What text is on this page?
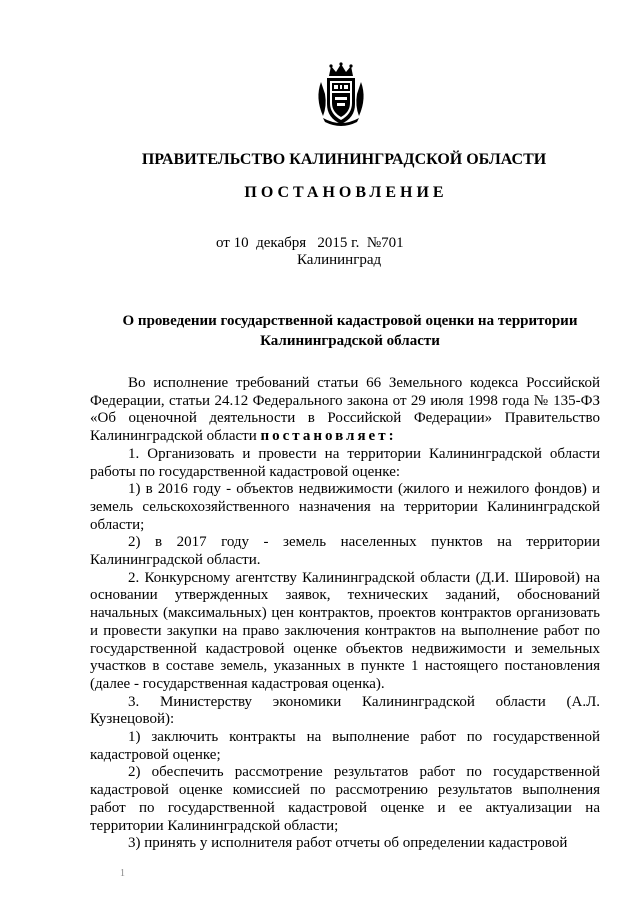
ПРАВИТЕЛЬСТВО КАЛИНИНГРАДСКОЙ ОБЛАСТИ
ПОСТАНОВЛЕНИЕ
от 10  декабря   2015 г. №701
Калининград
О проведении государственной кадастровой оценки на территории
Калининградской области

Во исполнение требований статьи 66 Земельного кодекса Российской Федерации, статьи 24.12 Федерального закона от 29 июля 1998 года № 135-ФЗ «Об оценочной деятельности в Российской Федерации» Правительство Калининградской области постановляет:

1. Организовать и провести на территории Калининградской области работы по государственной кадастровой оценке:

1) в 2016 году - объектов недвижимости (жилого и нежилого фондов) и земель сельскохозяйственного назначения на территории Калининградской области;

2) в 2017 году - земель населенных пунктов на территории Калининградской области.

2. Конкурсному агентству Калининградской области (Д.И. Шировой) на основании утвержденных заявок, технических заданий, обоснований начальных (максимальных) цен контрактов, проектов контрактов организовать и провести закупки на право заключения контрактов на выполнение работ по государственной кадастровой оценке объектов недвижимости и земельных участков в составе земель, указанных в пункте 1 настоящего постановления (далее - государственная кадастровая оценка).

3. Министерству экономики Калининградской области (А.Л. Кузнецовой):

1) заключить контракты на выполнение работ по государственной кадастровой оценке;

2) обеспечить рассмотрение результатов работ по государственной кадастровой оценке комиссией по рассмотрению результатов выполнения работ по государственной кадастровой оценке и ее актуализации на территории Калининградской области;

3) принять у исполнителя работ отчеты об определении кадастровой

1
